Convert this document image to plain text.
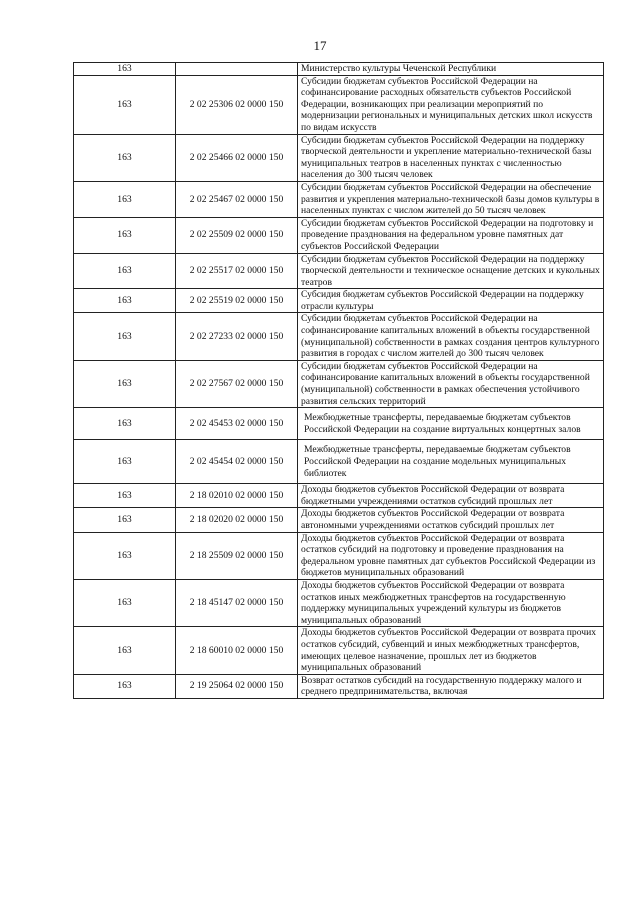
17
163		Министерство культуры Чеченской Республики
163	2 02 25306 02 0000 150	Субсидии бюджетам субъектов Российской Федерации на софинансирование расходных обязательств субъектов Российской Федерации, возникающих при реализации мероприятий по модернизации региональных и муниципальных детских школ искусств по видам искусств
163	2 02 25466 02 0000 150	Субсидии бюджетам субъектов Российской Федерации на поддержку творческой деятельности и укрепление материально-технической базы муниципальных театров в населенных пунктах с численностью населения до 300 тысяч человек
163	2 02 25467 02 0000 150	Субсидии бюджетам субъектов Российской Федерации на обеспечение развития и укрепления материально-технической базы домов культуры в населенных пунктах с числом жителей до 50 тысяч человек
163	2 02 25509 02 0000 150	Субсидии бюджетам субъектов Российской Федерации на подготовку и проведение празднования на федеральном уровне памятных дат субъектов Российской Федерации
163	2 02 25517 02 0000 150	Субсидии бюджетам субъектов Российской Федерации на поддержку творческой деятельности и техническое оснащение детских и кукольных театров
163	2 02 25519 02 0000 150	Субсидия бюджетам субъектов Российской Федерации на поддержку отрасли культуры
163	2 02 27233 02 0000 150	Субсидии бюджетам субъектов Российской Федерации на софинансирование капитальных вложений в объекты государственной (муниципальной) собственности в рамках создания центров культурного развития в городах с числом жителей до 300 тысяч человек
163	2 02 27567 02 0000 150	Субсидии бюджетам субъектов Российской Федерации на софинансирование капитальных вложений в объекты государственной (муниципальной) собственности в рамках обеспечения устойчивого развития сельских территорий
163	2 02 45453 02 0000 150	Межбюджетные трансферты, передаваемые бюджетам субъектов Российской Федерации на создание виртуальных концертных залов
163	2 02 45454 02 0000 150	Межбюджетные трансферты, передаваемые бюджетам субъектов Российской Федерации на создание модельных муниципальных библиотек
163	2 18 02010 02 0000 150	Доходы бюджетов субъектов Российской Федерации от возврата бюджетными учреждениями остатков субсидий прошлых лет
163	2 18 02020 02 0000 150	Доходы бюджетов субъектов Российской Федерации от возврата автономными учреждениями остатков субсидий прошлых лет
163	2 18 25509 02 0000 150	Доходы бюджетов субъектов Российской Федерации от возврата остатков субсидий на подготовку и проведение празднования на федеральном уровне памятных дат субъектов Российской Федерации из бюджетов муниципальных образований
163	2 18 45147 02 0000 150	Доходы бюджетов субъектов Российской Федерации от возврата остатков иных межбюджетных трансфертов на государственную поддержку муниципальных учреждений культуры из бюджетов муниципальных образований
163	2 18 60010 02 0000 150	Доходы бюджетов субъектов Российской Федерации от возврата прочих остатков субсидий, субвенций и иных межбюджетных трансфертов, имеющих целевое назначение, прошлых лет из бюджетов муниципальных образований
163	2 19 25064 02 0000 150	Возврат остатков субсидий на государственную поддержку малого и среднего предпринимательства, включая
